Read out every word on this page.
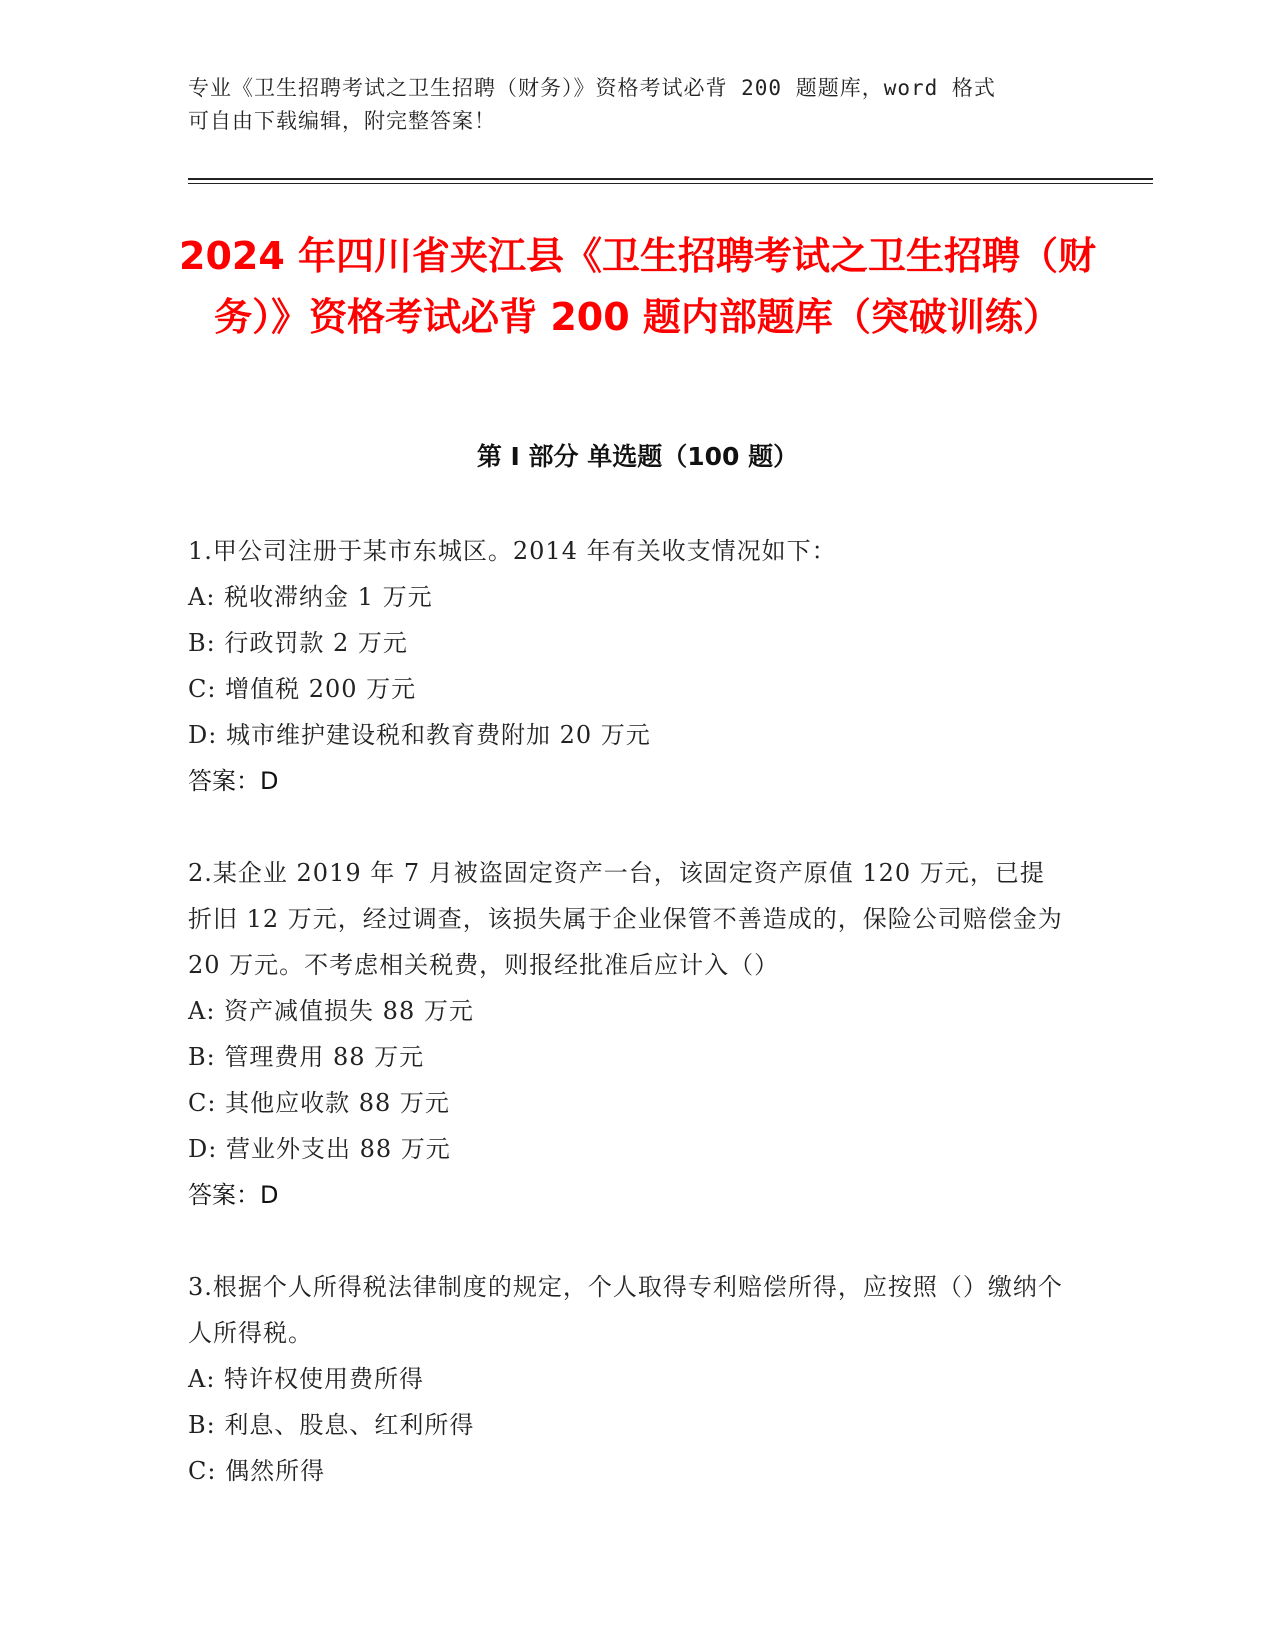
专业《卫生招聘考试之卫生招聘（财务）》资格考试必背 200 题题库，word 格式
可自由下载编辑，附完整答案！
2024 年四川省夹江县《卫生招聘考试之卫生招聘（财务）》资格考试必背 200 题内部题库（突破训练）
第 I 部分 单选题（100 题）
1.甲公司注册于某市东城区。2014 年有关收支情况如下：
A: 税收滞纳金 1 万元
B: 行政罚款 2 万元
C: 增值税 200 万元
D: 城市维护建设税和教育费附加 20 万元
答案：D
2.某企业 2019 年 7 月被盗固定资产一台，该固定资产原值 120 万元，已提折旧 12 万元，经过调查，该损失属于企业保管不善造成的，保险公司赔偿金为 20 万元。不考虑相关税费，则报经批准后应计入（）
A: 资产减值损失 88 万元
B: 管理费用 88 万元
C: 其他应收款 88 万元
D: 营业外支出 88 万元
答案：D
3.根据个人所得税法律制度的规定，个人取得专利赔偿所得，应按照（）缴纳个人所得税。
A: 特许权使用费所得
B: 利息、股息、红利所得
C: 偶然所得
